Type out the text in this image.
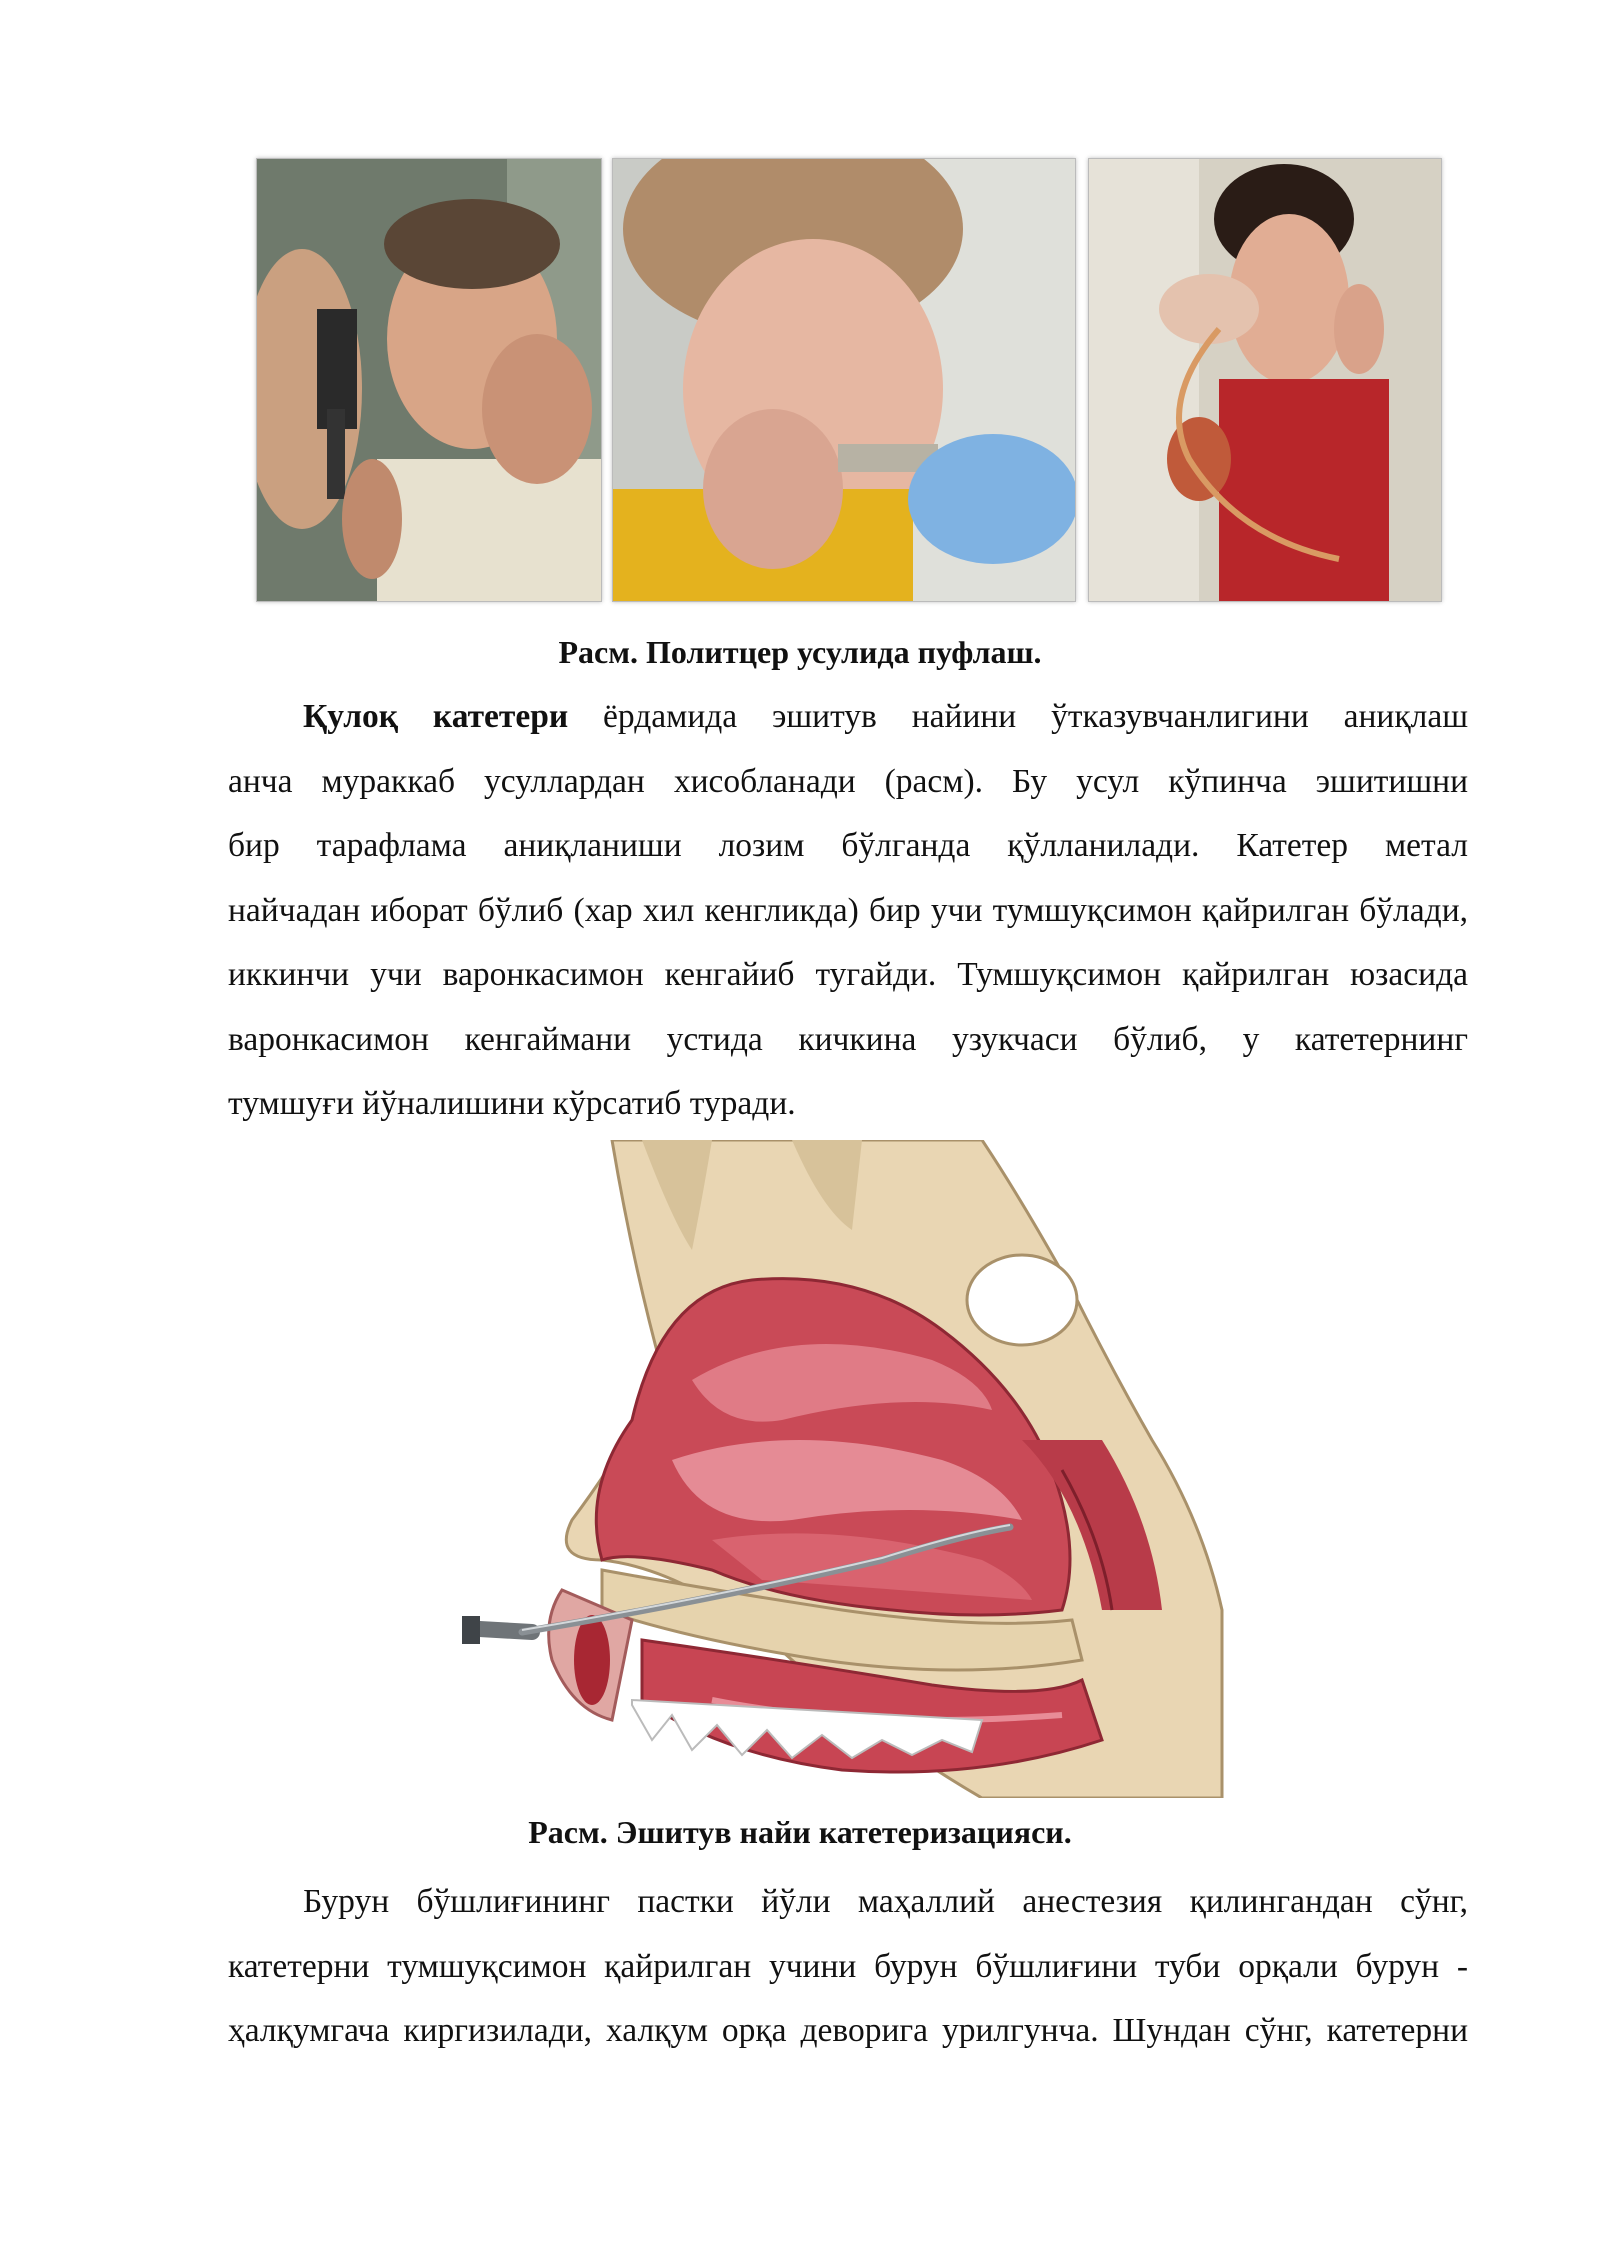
Расм. Политцер усулида пуфлаш.
Қулоқ катетери ёрдамида эшитув найини ўтказувчанлигини аниқлаш
анча мураккаб усуллардан хисобланади (расм). Бу усул кўпинча эшитишни
бир тарафлама аниқланиши лозим бўлганда қўлланилади. Катетер метал
найчадан иборат бўлиб (хар хил кенгликда) бир учи тумшуқсимон қайрилган бўлади,
иккинчи учи варонкасимон кенгайиб тугайди. Тумшуқсимон қайрилган юзасида
варонкасимон кенгаймани устида кичкина узукчаси бўлиб, у катетернинг
тумшуғи йўналишини кўрсатиб туради.
Расм. Эшитув найи катетеризацияси.
Бурун бўшлиғининг пастки йўли маҳаллий анестезия қилингандан сўнг,
катетерни тумшуқсимон қайрилган учини бурун бўшлиғини туби орқали бурун -
ҳалқумгача киргизилади, халқум орқа деворига урилгунча. Шундан сўнг, катетерни
